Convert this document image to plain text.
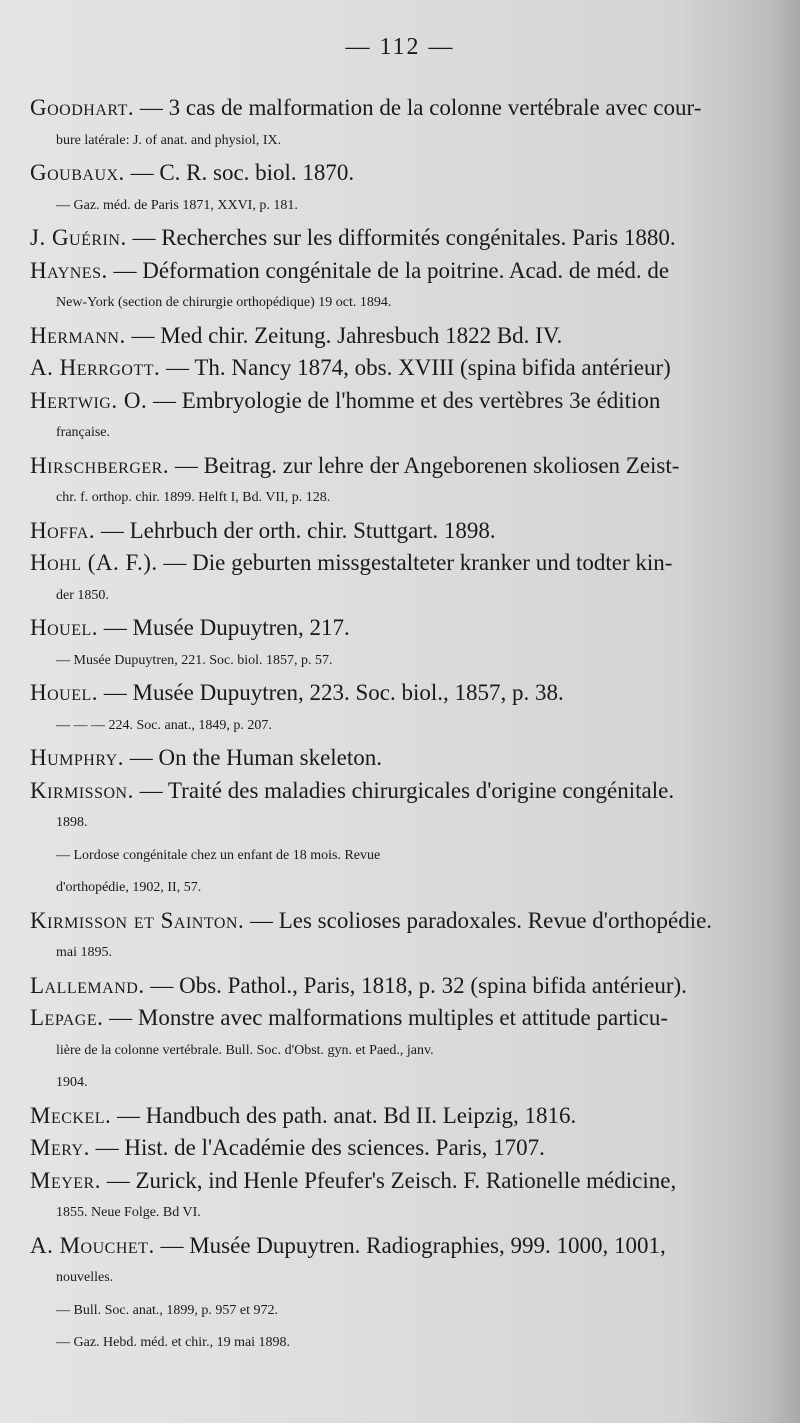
— 112 —
Goodhart. — 3 cas de malformation de la colonne vertébrale avec cour-
bure latérale: J. of anat. and physiol, IX.
Goubaux. — C. R. soc. biol. 1870.
— Gaz. méd. de Paris 1871, XXVI, p. 181.
J. Guérin. — Recherches sur les difformités congénitales. Paris 1880.
Haynes. — Déformation congénitale de la poitrine. Acad. de méd. de
New-York (section de chirurgie orthopédique) 19 oct. 1894.
Hermann. — Med chir. Zeitung. Jahresbuch 1822 Bd. IV.
A. Herrgott. — Th. Nancy 1874, obs. XVIII (spina bifida antérieur)
Hertwig. O. — Embryologie de l'homme et des vertèbres 3e édition
française.
Hirschberger. — Beitrag. zur lehre der Angeborenen skoliosen Zeist-
chr. f. orthop. chir. 1899. Helft I, Bd. VII, p. 128.
Hoffa. — Lehrbuch der orth. chir. Stuttgart. 1898.
Hohl (A. F.). — Die geburten missgestalteter kranker und todter kin-
der 1850.
Houel. — Musée Dupuytren, 217.
— Musée Dupuytren, 221. Soc. biol. 1857, p. 57.
Houel. — Musée Dupuytren, 223. Soc. biol., 1857, p. 38.
— — — 224. Soc. anat., 1849, p. 207.
Humphry. — On the Human skeleton.
Kirmisson. — Traité des maladies chirurgicales d'origine congénitale.
1898.
— Lordose congénitale chez un enfant de 18 mois. Revue
d'orthopédie, 1902, II, 57.
Kirmisson et Sainton. — Les scolioses paradoxales. Revue d'orthopédie.
mai 1895.
Lallemand. — Obs. Pathol., Paris, 1818, p. 32 (spina bifida antérieur).
Lepage. — Monstre avec malformations multiples et attitude particu-
lière de la colonne vertébrale. Bull. Soc. d'Obst. gyn. et Paed., janv.
1904.
Meckel. — Handbuch des path. anat. Bd II. Leipzig, 1816.
Mery. — Hist. de l'Académie des sciences. Paris, 1707.
Meyer. — Zurick, ind Henle Pfeufer's Zeisch. F. Rationelle médicine,
1855. Neue Folge. Bd VI.
A. Mouchet. — Musée Dupuytren. Radiographies, 999. 1000, 1001,
nouvelles.
— Bull. Soc. anat., 1899, p. 957 et 972.
— Gaz. Hebd. méd. et chir., 19 mai 1898.
